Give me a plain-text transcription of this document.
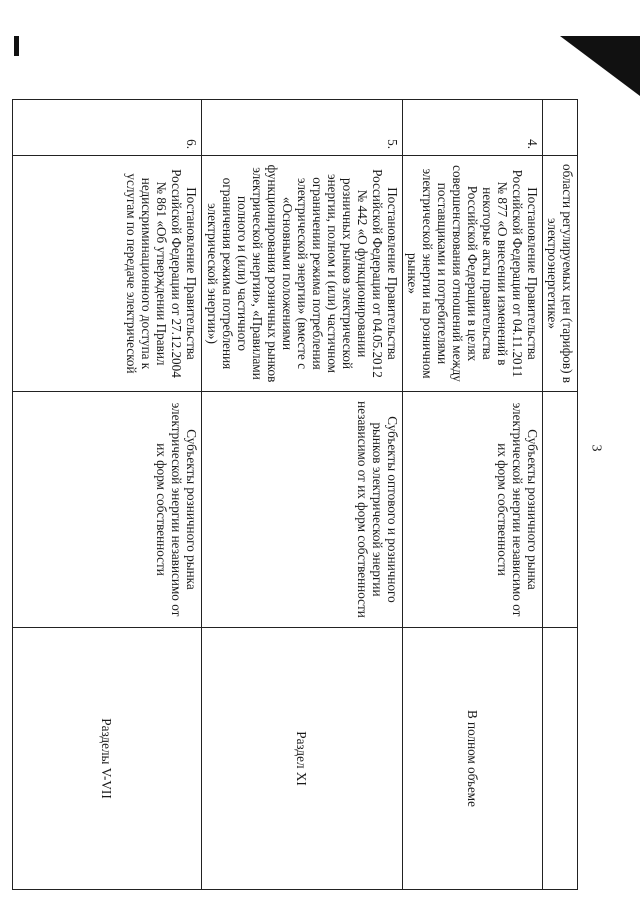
3
	области регулируемых цен (тарифов) в электроэнергетике»		
4.	Постановление Правительства Российской Федерации от 04.11.2011 № 877 «О внесении изменений в некоторые акты правительства Российской Федерации в целях совершенствования отношений между поставщиками и потребителями электрической энергии на розничном рынке»	Субъекты розничного рынка электрической энергии независимо от их форм собственности	В полном объеме
5.	Постановление Правительства Российской Федерации от 04.05.2012 № 442 «О функционировании розничных рынков электрической энергии, полном и (или) частичном ограничении режима потребления электрической энергии» (вместе с «Основными положениями функционирования розничных рынков электрической энергии», «Правилами полного и (или) частичного ограничения режима потребления электрической энергии»)	Субъекты оптового и розничного рынков электрической энергии независимо от их форм собственности	Раздел XI
6.	Постановление Правительства Российской Федерации от 27.12.2004 № 861 «Об утверждении Правил недискриминационного доступа к услугам по передаче электрической	Субъекты розничного рынка электрической энергии независимо от их форм собственности	Разделы V-VII
